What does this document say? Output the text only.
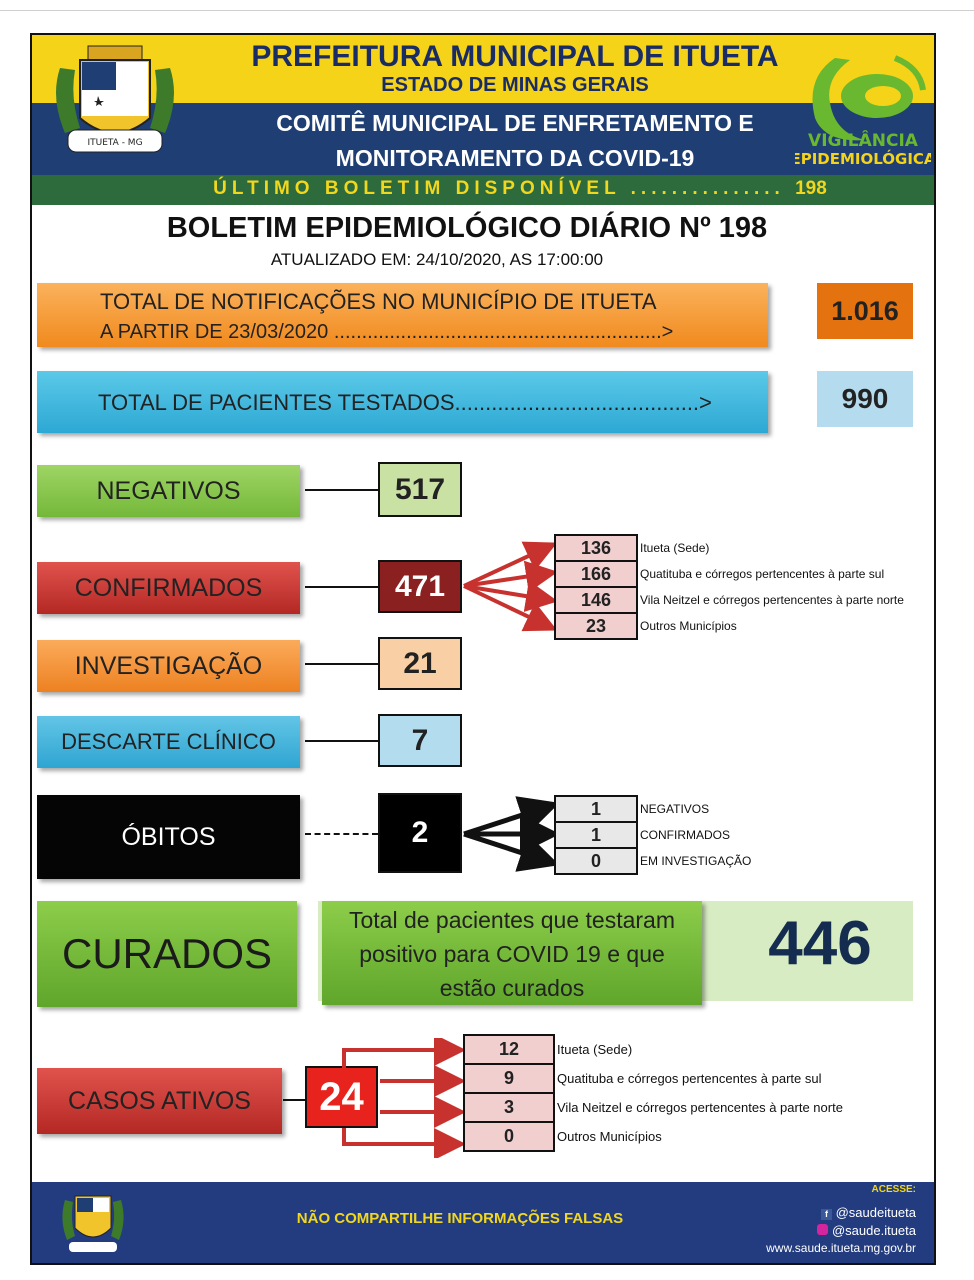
ITUETA - MG
PREFEITURA MUNICIPAL DE ITUETA
ESTADO DE MINAS GERAIS
COMITÊ MUNICIPAL DE ENFRETAMENTO E
MONITORAMENTO DA COVID-19
ÚLTIMO BOLETIM DISPONÍVEL ............... 198
VIGILÂNCIA
EPIDEMIOLÓGICA
BOLETIM EPIDEMIOLÓGICO DIÁRIO Nº 198
ATUALIZADO EM: 24/10/2020, AS 17:00:00
TOTAL DE NOTIFICAÇÕES NO MUNICÍPIO DE ITUETA
A PARTIR DE 23/03/2020 ...........................................................>
1.016
TOTAL DE PACIENTES TESTADOS........................................>	990
NEGATIVOS	517
CONFIRMADOS	471
136	Itueta (Sede)
166	Quatituba e córregos pertencentes à parte sul
146	Vila Neitzel e córregos pertencentes à parte norte
23	Outros Municípios
INVESTIGAÇÃO	21
DESCARTE CLÍNICO	7
ÓBITOS	2
1	NEGATIVOS
1	CONFIRMADOS
0	EM INVESTIGAÇÃO
CURADOS
Total de pacientes que testaram positivo para COVID 19 e que estão curados
446
CASOS ATIVOS	24
12	Itueta (Sede)
9	Quatituba e córregos pertencentes à parte sul
3	Vila Neitzel e córregos pertencentes à parte norte
0	Outros Municípios
NÃO COMPARTILHE INFORMAÇÕES FALSAS
ACESSE:
f @saudeitueta
@saude.itueta
www.saude.itueta.mg.gov.br
